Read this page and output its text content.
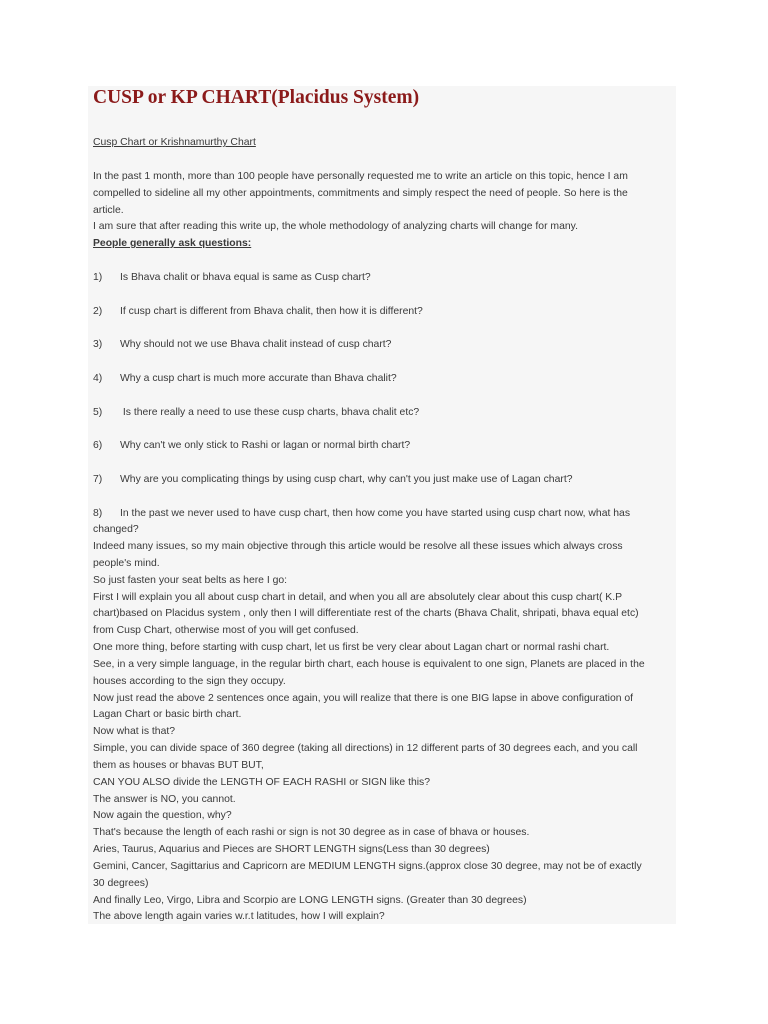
CUSP or KP CHART(Placidus System)
Cusp Chart or Krishnamurthy Chart
In the past 1 month, more than 100 people have personally requested me to write an article on this topic, hence I am
compelled to sideline all my other appointments, commitments and simply respect the need of people. So here is the
article.
I am sure that after reading this write up, the whole methodology of analyzing charts will change for many.
People generally ask questions:
1) Is Bhava chalit or bhava equal is same as Cusp chart?
2) If cusp chart is different from Bhava chalit, then how it is different?
3) Why should not we use Bhava chalit instead of cusp chart?
4) Why a cusp chart is much more accurate than Bhava chalit?
5) Is there really a need to use these cusp charts, bhava chalit etc?
6) Why can't we only stick to Rashi or lagan or normal birth chart?
7) Why are you complicating things by using cusp chart, why can't you just make use of Lagan chart?
8) In the past we never used to have cusp chart, then how come you have started using cusp chart now, what has
changed?
Indeed many issues, so my main objective through this article would be resolve all these issues which always cross
people's mind.
So just fasten your seat belts as here I go:
First I will explain you all about cusp chart in detail, and when you all are absolutely clear about this cusp chart( K.P
chart)based on Placidus system , only then I will differentiate rest of the charts (Bhava Chalit, shripati, bhava equal etc)
from Cusp Chart, otherwise most of you will get confused.
One more thing, before starting with cusp chart, let us first be very clear about Lagan chart or normal rashi chart.
See, in a very simple language, in the regular birth chart, each house is equivalent to one sign, Planets are placed in the
houses according to the sign they occupy.
Now just read the above 2 sentences once again, you will realize that there is one BIG lapse in above configuration of
Lagan Chart or basic birth chart.
Now what is that?
Simple, you can divide space of 360 degree (taking all directions) in 12 different parts of 30 degrees each, and you call
them as houses or bhavas BUT BUT,
CAN YOU ALSO divide the LENGTH OF EACH RASHI or SIGN like this?
The answer is NO, you cannot.
Now again the question, why?
That's because the length of each rashi or sign is not 30 degree as in case of bhava or houses.
Aries, Taurus, Aquarius and Pieces are SHORT LENGTH signs(Less than 30 degrees)
Gemini, Cancer, Sagittarius and Capricorn are MEDIUM LENGTH signs.(approx close 30 degree, may not be of exactly
30 degrees)
And finally Leo, Virgo, Libra and Scorpio are LONG LENGTH signs. (Greater than 30 degrees)
The above length again varies w.r.t latitudes, how I will explain?
